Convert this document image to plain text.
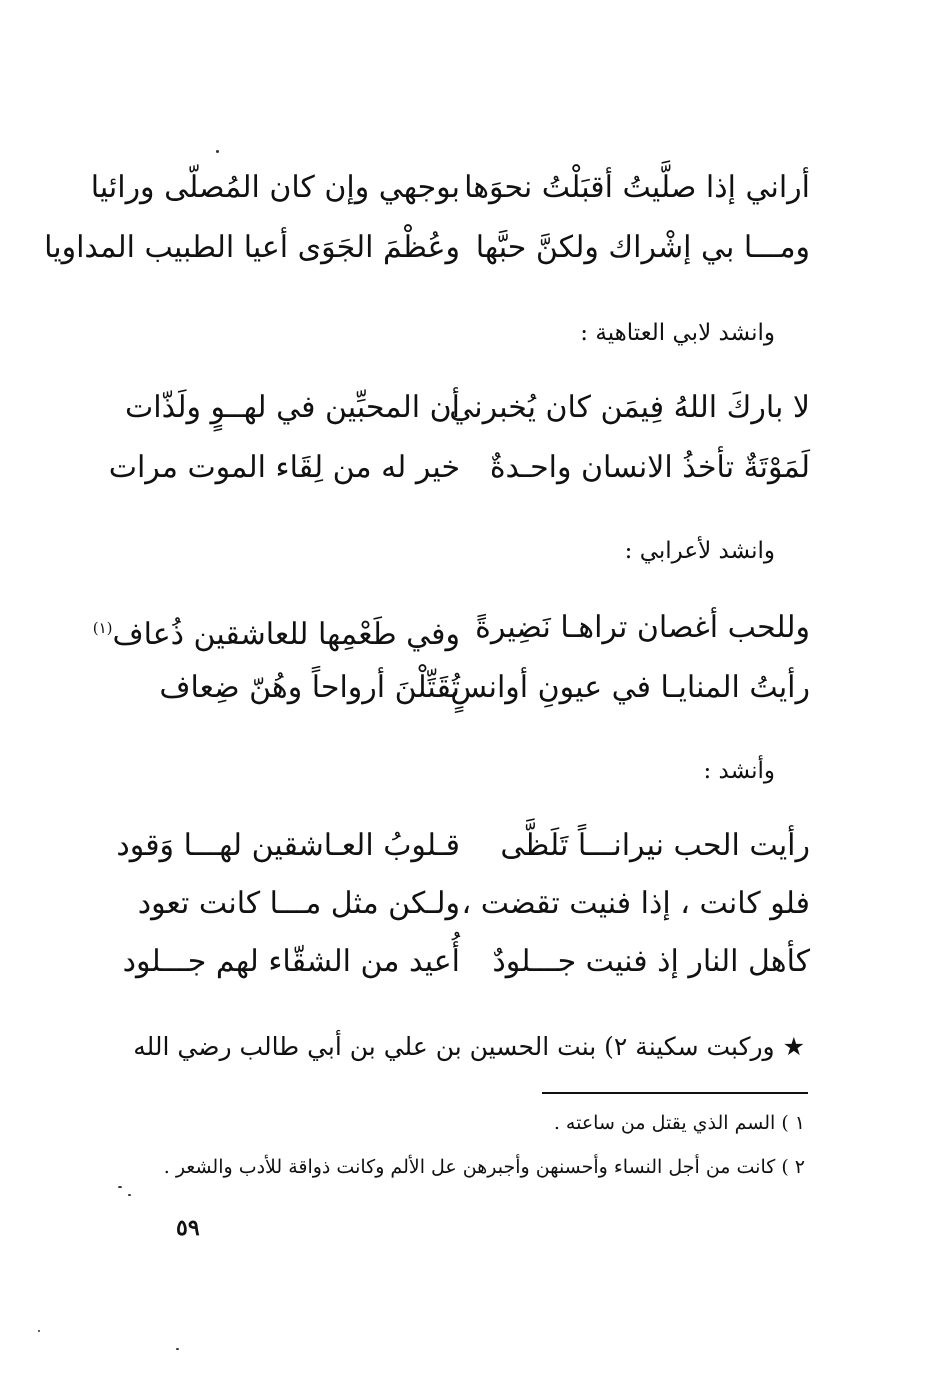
أراني إذا صلَّيتُ أقبَلْتُ نحوَها
بوجهي وإن كان المُصلّى ورائيا
ومـــا بي إشْراك ولكنَّ حبَّها
وعُظْمَ الجَوَى أعيا الطبيب المداويا
وانشد لابي العتاهية :
لا باركَ اللهُ فِيمَن كان يُخبرني
أن المحبِّين في لهــوٍ ولَذّات
لَمَوْتَةٌ تأخذُ الانسان واحـدةٌ
خير له من لِقَاء الموت مرات
وانشد لأعرابي :
وللحب أغصان تراهـا نَضِيرةً
وفي طَعْمِها للعاشقين ذُعاف$^{(١)}$
رأيتُ المنايـا في عيونِ أوانسٍ
تُقَتِّلْنَ أرواحاً وهُنّ ضِعاف
وأنشد :
رأيت الحب نيرانـــاً تَلَظَّى
قـلوبُ العـاشقين لهـــا وَقود
فلو كانت ، إذا فنيت تقضت ،
ولـكن مثل مـــا كانت تعود
كأهل النار إذ فنيت جـــلودٌ
أُعيد من الشقّاء لهم جـــلود
★ وركبت سكينة ٢) بنت الحسين بن علي بن أبي طالب رضي الله
١ ) السم الذي يقتل من ساعته .
٢ ) كانت من أجل النساء وأحسنهن وأجبرهن عل الألم وكانت ذواقة للأدب والشعر .
٥٩
